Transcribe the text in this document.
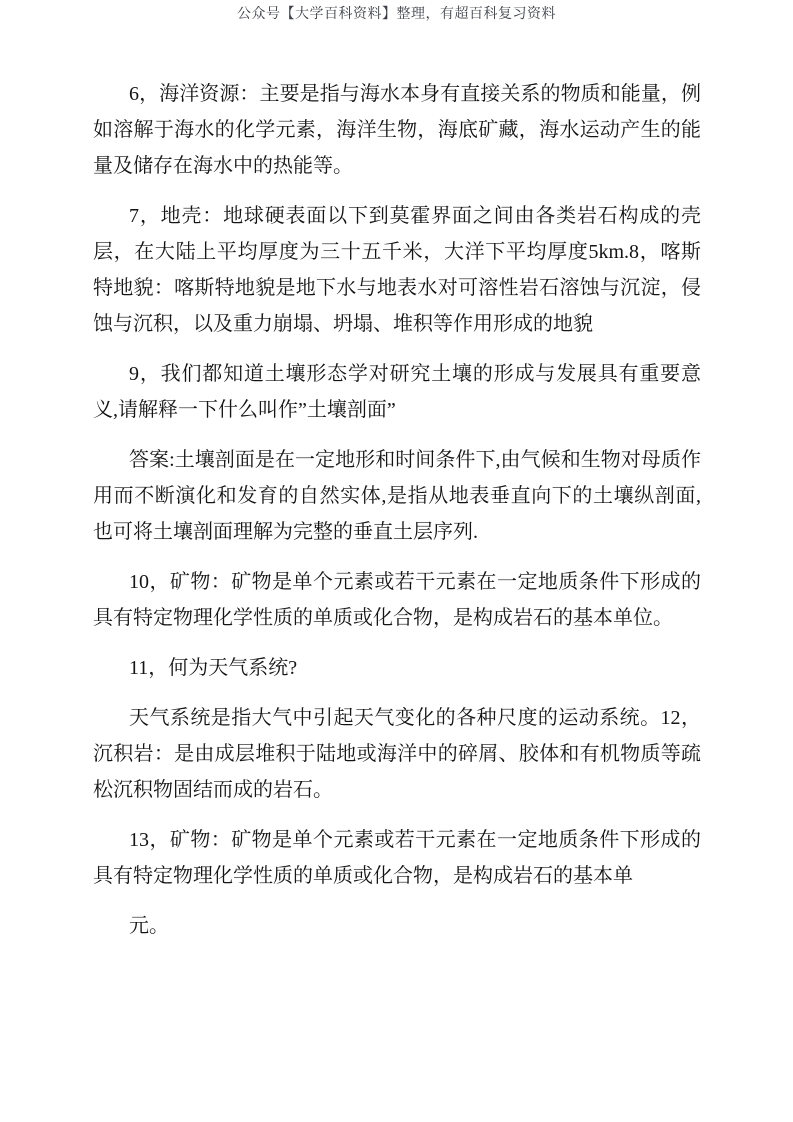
公众号【大学百科资料】整理，有超百科复习资料

6，海洋资源：主要是指与海水本身有直接关系的物质和能量，例如溶解于海水的化学元素，海洋生物，海底矿藏，海水运动产生的能量及储存在海水中的热能等。

7，地壳：地球硬表面以下到莫霍界面之间由各类岩石构成的壳层，在大陆上平均厚度为三十五千米，大洋下平均厚度5km.8，喀斯特地貌：喀斯特地貌是地下水与地表水对可溶性岩石溶蚀与沉淀，侵蚀与沉积，以及重力崩塌、坍塌、堆积等作用形成的地貌

9，我们都知道土壤形态学对研究土壤的形成与发展具有重要意义,请解释一下什么叫作”土壤剖面”

答案:土壤剖面是在一定地形和时间条件下,由气候和生物对母质作用而不断演化和发育的自然实体,是指从地表垂直向下的土壤纵剖面,也可将土壤剖面理解为完整的垂直土层序列.

10，矿物：矿物是单个元素或若干元素在一定地质条件下形成的具有特定物理化学性质的单质或化合物，是构成岩石的基本单位。

11，何为天气系统?

天气系统是指大气中引起天气变化的各种尺度的运动系统。12，沉积岩：是由成层堆积于陆地或海洋中的碎屑、胶体和有机物质等疏松沉积物固结而成的岩石。

13，矿物：矿物是单个元素或若干元素在一定地质条件下形成的具有特定物理化学性质的单质或化合物，是构成岩石的基本单

元。
